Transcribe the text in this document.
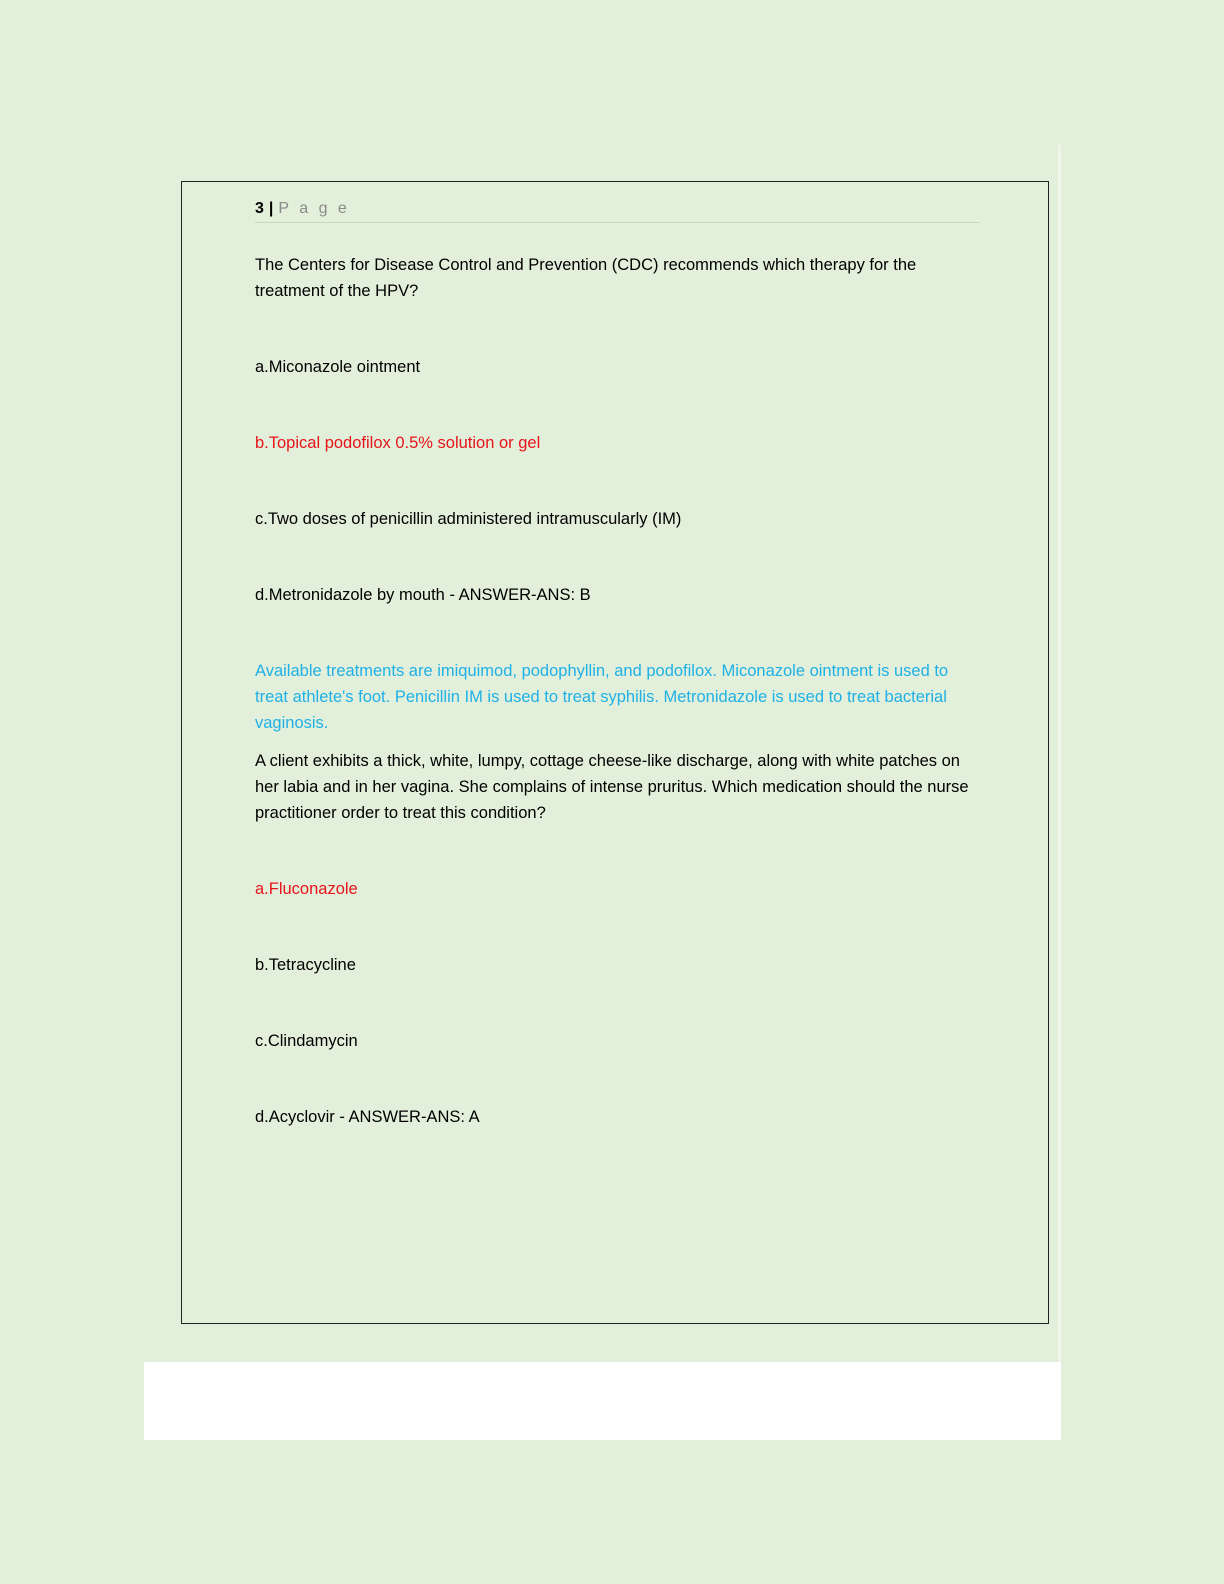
3 | P a g e
The Centers for Disease Control and Prevention (CDC) recommends which therapy for the treatment of the HPV?
a.Miconazole ointment
b.Topical podofilox 0.5% solution or gel
c.Two doses of penicillin administered intramuscularly (IM)
d.Metronidazole by mouth - ANSWER-ANS: B
Available treatments are imiquimod, podophyllin, and podofilox. Miconazole ointment is used to treat athlete's foot. Penicillin IM is used to treat syphilis. Metronidazole is used to treat bacterial vaginosis.
A client exhibits a thick, white, lumpy, cottage cheese-like discharge, along with white patches on her labia and in her vagina. She complains of intense pruritus. Which medication should the nurse practitioner order to treat this condition?
a.Fluconazole
b.Tetracycline
c.Clindamycin
d.Acyclovir - ANSWER-ANS: A
